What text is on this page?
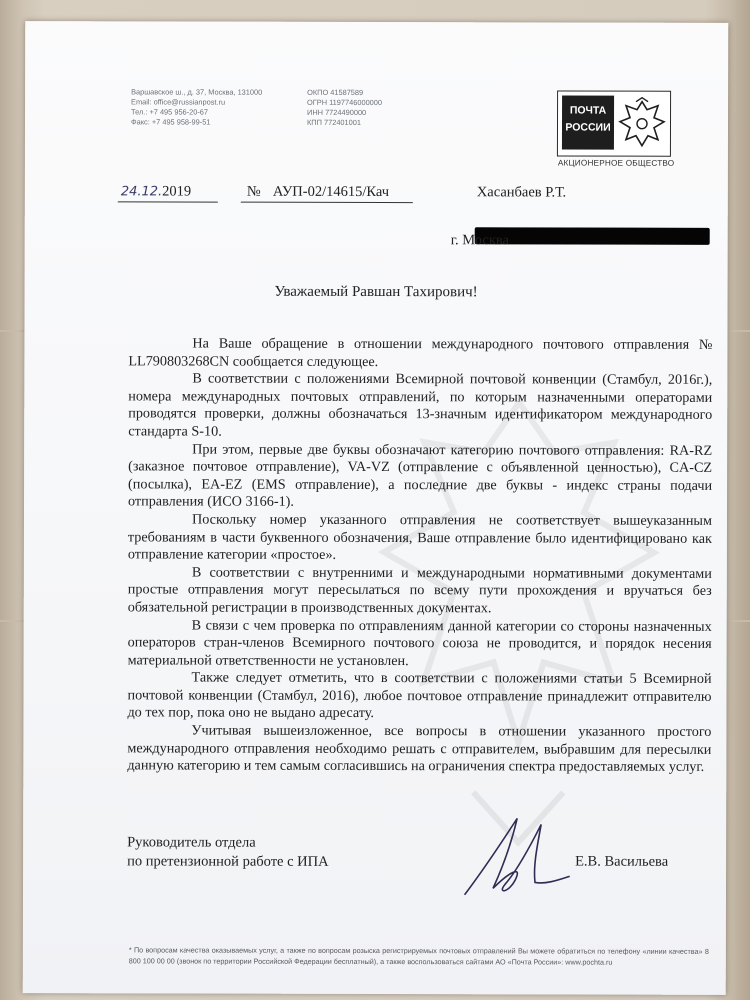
Варшавское ш., д. 37, Москва, 131000
Email: office@russianpost.ru
Тел.: +7 495 956-20-67
Факс: +7 495 958-99-51
ОКПО 41587589
ОГРН 1197746000000
ИНН 7724490000
КПП 772401001
ПОЧТА
РОССИИ
АКЦИОНЕРНОЕ ОБЩЕСТВО
24.12.2019	№ АУП-02/14615/Кач	Хасанбаев Р.Т.
г. Москва
Уважаемый Равшан Тахирович!

На Ваше обращение в отношении международного почтового отправления № LL790803268CN сообщается следующее.

В соответствии с положениями Всемирной почтовой конвенции (Стамбул, 2016г.), номера международных почтовых отправлений, по которым назначенными операторами проводятся проверки, должны обозначаться 13-значным идентификатором международного стандарта S-10.

При этом, первые две буквы обозначают категорию почтового отправления: RA-RZ (заказное почтовое отправление), VA-VZ (отправление с объявленной ценностью), CA-CZ (посылка), EA-EZ (EMS отправление), а последние две буквы - индекс страны подачи отправления (ИСО 3166-1).

Поскольку номер указанного отправления не соответствует вышеуказанным требованиям в части буквенного обозначения, Ваше отправление было идентифицировано как отправление категории «простое».

В соответствии с внутренними и международными нормативными документами простые отправления могут пересылаться по всему пути прохождения и вручаться без обязательной регистрации в производственных документах.

В связи с чем проверка по отправлениям данной категории со стороны назначенных операторов стран-членов Всемирного почтового союза не проводится, и порядок несения материальной ответственности не установлен.

Также следует отметить, что в соответствии с положениями статьи 5 Всемирной почтовой конвенции (Стамбул, 2016), любое почтовое отправление принадлежит отправителю до тех пор, пока оно не выдано адресату.

Учитывая вышеизложенное, все вопросы в отношении указанного простого международного отправления необходимо решать с отправителем, выбравшим для пересылки данную категорию и тем самым согласившись на ограничения спектра предоставляемых услуг.

Руководитель отдела
по претензионной работе с ИПА	Е.В. Васильева
* По вопросам качества оказываемых услуг, а также по вопросам розыска регистрируемых почтовых отправлений Вы можете обратиться по телефону «линии качества» 8 800 100 00 00 (звонок по территории Российской Федерации бесплатный), а также воспользоваться сайтами АО «Почта России»: www.pochta.ru
